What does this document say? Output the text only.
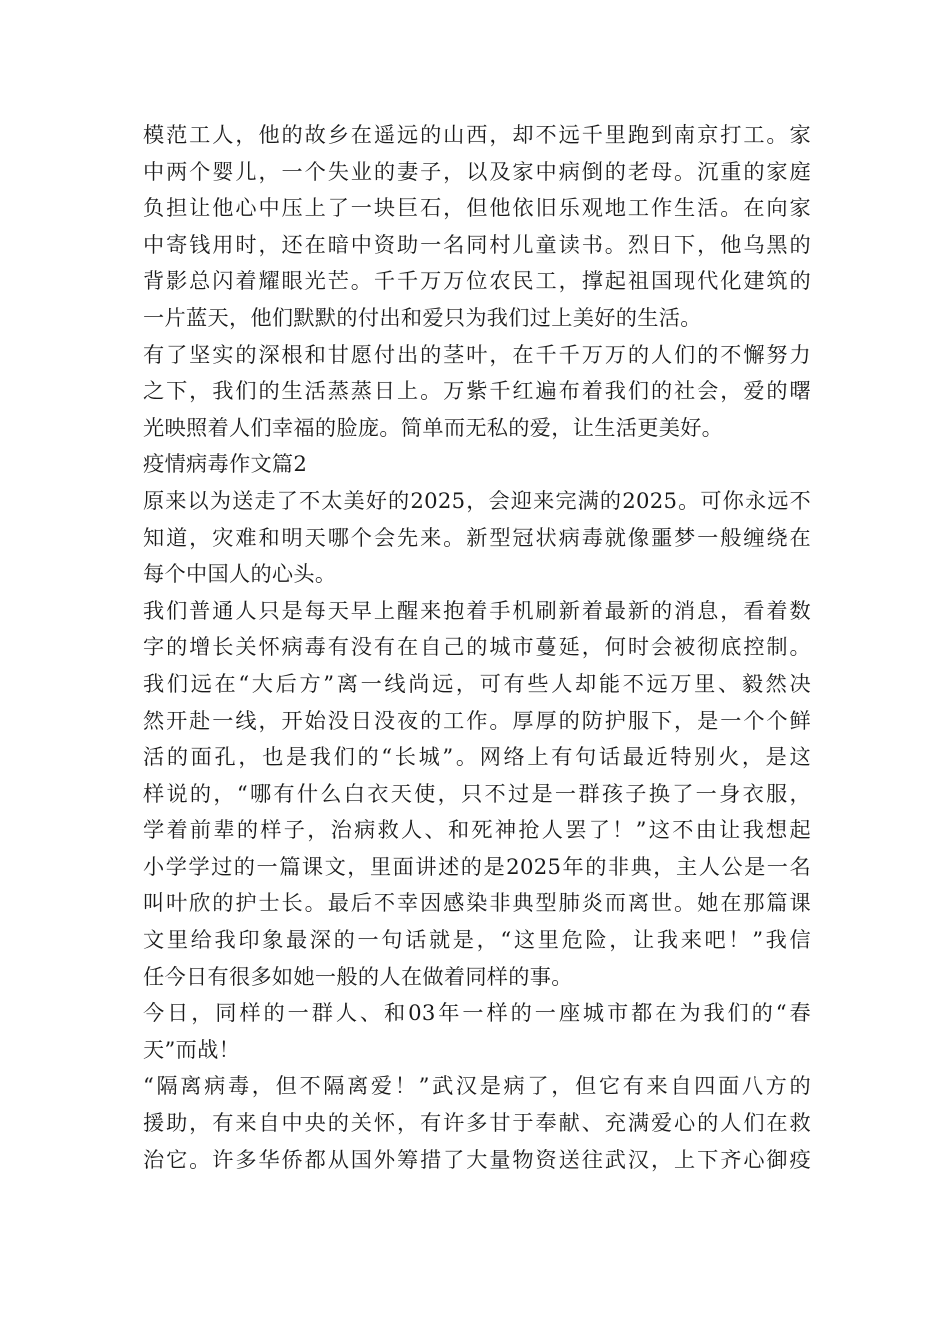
模范工人，他的故乡在遥远的山西，却不远千里跑到南京打工。家
中两个婴儿，一个失业的妻子，以及家中病倒的老母。沉重的家庭
负担让他心中压上了一块巨石，但他依旧乐观地工作生活。在向家
中寄钱用时，还在暗中资助一名同村儿童读书。烈日下，他乌黑的
背影总闪着耀眼光芒。千千万万位农民工，撑起祖国现代化建筑的
一片蓝天，他们默默的付出和爱只为我们过上美好的生活。
有了坚实的深根和甘愿付出的茎叶，在千千万万的人们的不懈努力
之下，我们的生活蒸蒸日上。万紫千红遍布着我们的社会，爱的曙
光映照着人们幸福的脸庞。简单而无私的爱，让生活更美好。
疫情病毒作文篇2
原来以为送走了不太美好的2025，会迎来完满的2025。可你永远不
知道，灾难和明天哪个会先来。新型冠状病毒就像噩梦一般缠绕在
每个中国人的心头。
我们普通人只是每天早上醒来抱着手机刷新着最新的消息，看着数
字的增长关怀病毒有没有在自己的城市蔓延，何时会被彻底控制。
我们远在“大后方”离一线尚远，可有些人却能不远万里、毅然决
然开赴一线，开始没日没夜的工作。厚厚的防护服下，是一个个鲜
活的面孔，也是我们的“长城”。网络上有句话最近特别火，是这
样说的，“哪有什么白衣天使，只不过是一群孩子换了一身衣服，
学着前辈的样子，治病救人、和死神抢人罢了！”这不由让我想起
小学学过的一篇课文，里面讲述的是2025年的非典，主人公是一名
叫叶欣的护士长。最后不幸因感染非典型肺炎而离世。她在那篇课
文里给我印象最深的一句话就是，“这里危险，让我来吧！”我信
任今日有很多如她一般的人在做着同样的事。
今日，同样的一群人、和03年一样的一座城市都在为我们的“春
天”而战！
“隔离病毒，但不隔离爱！”武汉是病了，但它有来自四面八方的
援助，有来自中央的关怀，有许多甘于奉献、充满爱心的人们在救
治它。许多华侨都从国外筹措了大量物资送往武汉，上下齐心御疫
